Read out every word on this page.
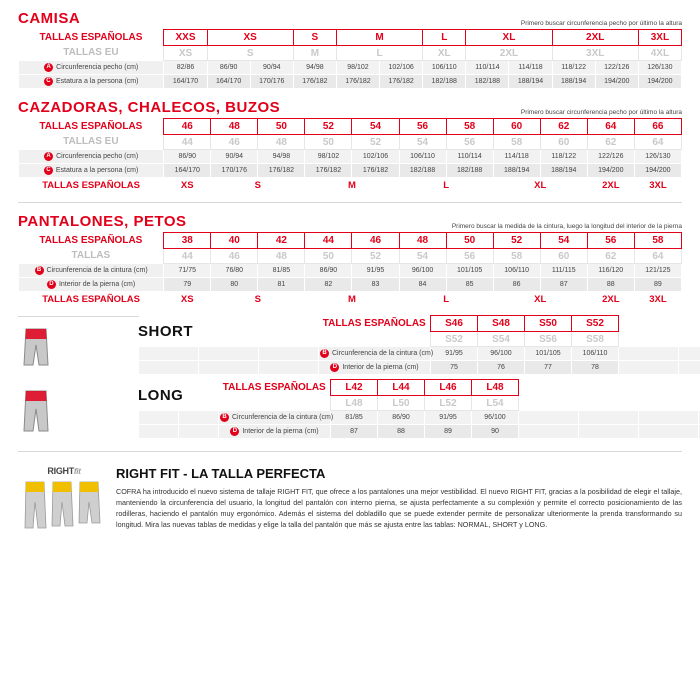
CAMISA	Primero buscar circunferencia pecho por último la altura
TALLAS ESPAÑOLAS	XXS	XS		S	M		L	XL		2XL		3XL
TALLAS EU	XS	S		M	L		XL	2XL		3XL		4XL
A Circunferencia pecho (cm)	82/86	86/90	90/94	94/98	98/102	102/106	106/110	110/114	114/118	118/122	122/126	126/130
C Estatura a la persona (cm)	164/170	164/170	170/176	176/182	176/182	176/182	182/188	182/188	188/194	188/194	194/200	194/200
CAZADORAS, CHALECOS, BUZOS	Primero buscar circunferencia pecho por último la altura
TALLAS ESPAÑOLAS	46	48	50	52	54	56	58	60	62	64	66
TALLAS EU	44	46	48	50	52	54	56	58	60	62	64
A Circunferencia pecho (cm)	86/90	90/94	94/98	98/102	102/106	106/110	110/114	114/118	118/122	122/126	126/130
C Estatura a la persona (cm)	164/170	170/176	176/182	176/182	176/182	182/188	182/188	188/194	188/194	194/200	194/200
TALLAS ESPAÑOLAS	XS	S		M		L		XL		2XL	3XL
PANTALONES, PETOS	Primero buscar la medida de la cintura, luego la longitud del interior de la pierna
TALLAS ESPAÑOLAS	38	40	42	44	46	48	50	52	54	56	58
TALLAS	44	46	48	50	52	54	56	58	60	62	64
B Circunferencia de la cintura (cm)	71/75	76/80	81/85	86/90	91/95	96/100	101/105	106/110	111/115	116/120	121/125
D Interior de la pierna (cm)	79	80	81	82	83	84	85	86	87	88	89
TALLAS ESPAÑOLAS	XS	S		M		L		XL		2XL	3XL
SHORT
				TALLAS ESPAÑOLAS	S46	S48	S50	S52			
				S52	S54	S56	S58			
			B Circunferencia de la cintura (cm)	91/95	96/100	101/105	106/110			
			D Interior de la pierna (cm)	75	76	77	78			
LONG
			TALLAS ESPAÑOLAS	L42	L44	L46	L48				
			L48	L50	L52	L54				
		B Circunferencia de la cintura (cm)	81/85	86/90	91/95	96/100				
		D Interior de la pierna (cm)	87	88	89	90				
RIGHTfit	RIGHT FIT - LA TALLA PERFECTA
COFRA ha introducido el nuevo sistema de tallaje RIGHT FIT, que ofrece a los pantalones una mejor vestibilidad. El nuevo RIGHT FIT, gracias a la posibilidad de elegir el tallaje, manteniendo la circunferencia del usuario, la longitud del pantalón con interno pierna, se ajusta perfectamente a su complexión y permite el correcto posicionamiento de las rodilleras, haciendo el pantalón muy ergonómico. Además el sistema del dobladillo que se puede extender permite de personalizar ulteriormente la prenda transformando su longitud. Mira las nuevas tablas de medidas y elige la talla del pantalón que más se ajusta entre las tablas: NORMAL, SHORT y LONG.
